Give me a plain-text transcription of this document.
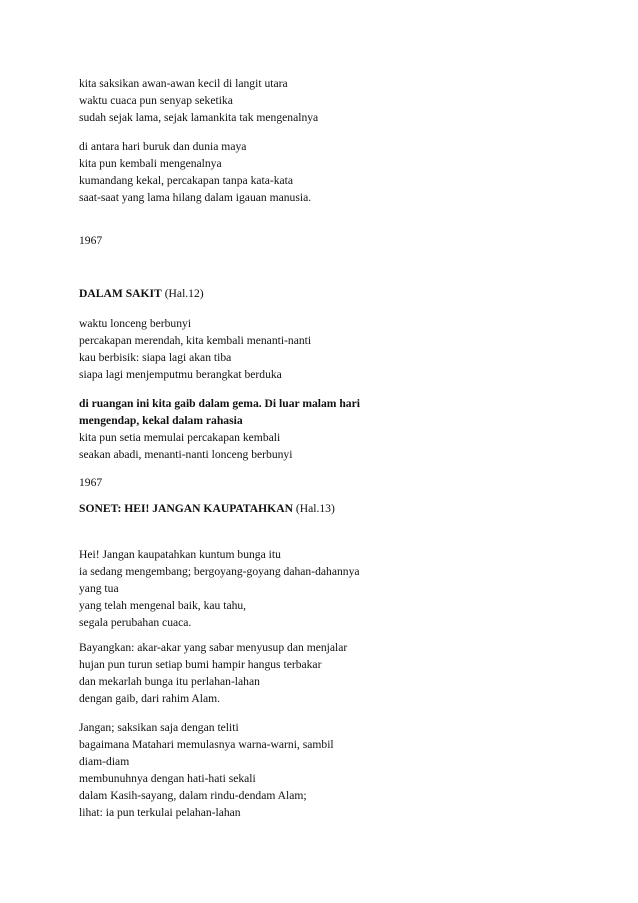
kita saksikan awan-awan kecil di langit utara

waktu cuaca pun senyap seketika

sudah sejak lama, sejak lamankita tak mengenalnya

di antara hari buruk dan dunia maya

kita pun kembali mengenalnya

kumandang kekal, percakapan tanpa kata-kata

saat-saat yang lama hilang dalam igauan manusia.

1967

DALAM SAKIT (Hal.12)

waktu lonceng berbunyi

percakapan merendah, kita kembali menanti-nanti

kau berbisik: siapa lagi akan tiba

siapa lagi menjemputmu berangkat berduka

di ruangan ini kita gaib dalam gema. Di luar malam hari

mengendap, kekal dalam rahasia

kita pun setia memulai percakapan kembali

seakan abadi, menanti-nanti lonceng berbunyi

1967

SONET: HEI! JANGAN KAUPATAHKAN (Hal.13)

Hei! Jangan kaupatahkan kuntum bunga itu

ia sedang mengembang; bergoyang-goyang dahan-dahannya

yang tua

yang telah mengenal baik, kau tahu,

segala perubahan cuaca.

Bayangkan: akar-akar yang sabar menyusup dan menjalar

hujan pun turun setiap bumi hampir hangus terbakar

dan mekarlah bunga itu perlahan-lahan

dengan gaib, dari rahim Alam.

Jangan; saksikan saja dengan teliti

bagaimana Matahari memulasnya warna-warni, sambil

diam-diam

membunuhnya dengan hati-hati sekali

dalam Kasih-sayang, dalam rindu-dendam Alam;

lihat: ia pun terkulai pelahan-lahan
